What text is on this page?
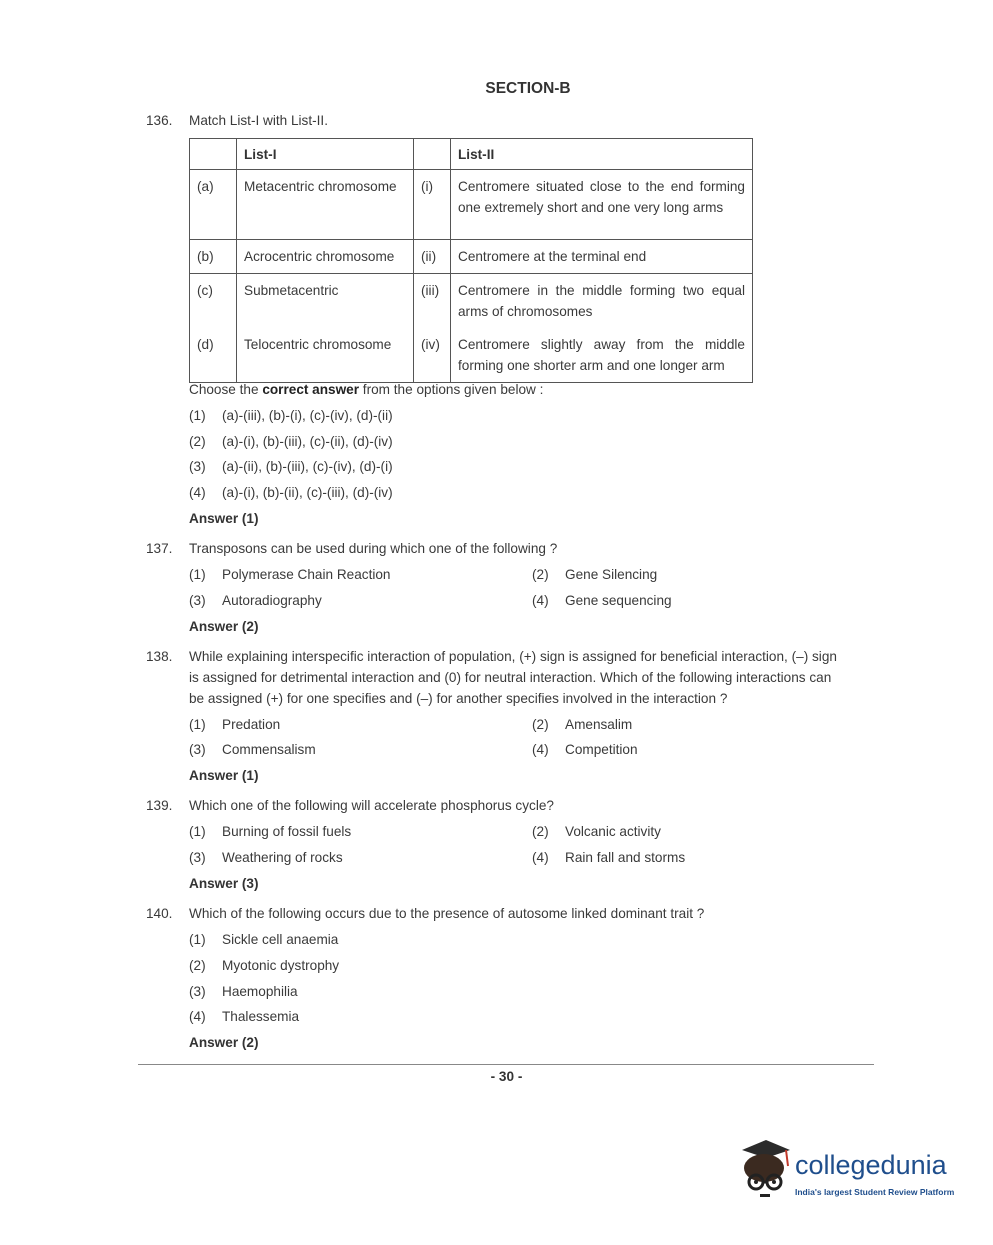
SECTION-B
136. Match List-I with List-II.
	List-I		List-II
(a)	Metacentric chromosome	(i)	Centromere situated close to the end forming one extremely short and one very long arms
(b)	Acrocentric chromosome	(ii)	Centromere at the terminal end
(c)	Submetacentric	(iii)	Centromere in the middle forming two equal arms of chromosomes
(d)	Telocentric chromosome	(iv)	Centromere slightly away from the middle forming one shorter arm and one longer arm
Choose the correct answer from the options given below :
(1) (a)-(iii), (b)-(i), (c)-(iv), (d)-(ii)
(2) (a)-(i), (b)-(iii), (c)-(ii), (d)-(iv)
(3) (a)-(ii), (b)-(iii), (c)-(iv), (d)-(i)
(4) (a)-(i), (b)-(ii), (c)-(iii), (d)-(iv)
Answer (1)
137. Transposons can be used during which one of the following ?
(1) Polymerase Chain Reaction	(2) Gene Silencing
(3) Autoradiography	(4) Gene sequencing
Answer (2)
138. While explaining interspecific interaction of population, (+) sign is assigned for beneficial interaction, (–) sign
is assigned for detrimental interaction and (0) for neutral interaction. Which of the following interactions can
be assigned (+) for one specifies and (–) for another specifies involved in the interaction ?
(1) Predation	(2) Amensalim
(3) Commensalism	(4) Competition
Answer (1)
139. Which one of the following will accelerate phosphorus cycle?
(1) Burning of fossil fuels	(2) Volcanic activity
(3) Weathering of rocks	(4) Rain fall and storms
Answer (3)
140. Which of the following occurs due to the presence of autosome linked dominant trait ?
(1) Sickle cell anaemia
(2) Myotonic dystrophy
(3) Haemophilia
(4) Thalessemia
Answer (2)
- 30 -
collegedunia
India's largest Student Review Platform
